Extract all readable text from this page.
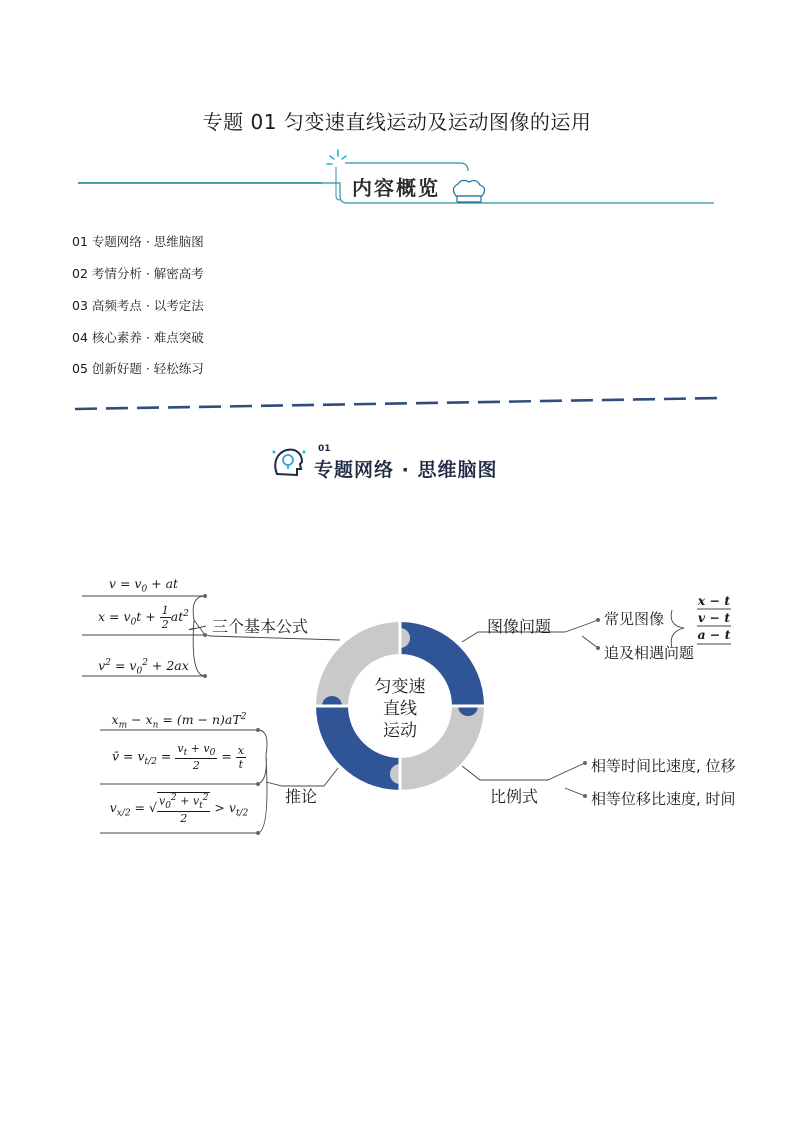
专题 01 匀变速直线运动及运动图像的运用
内容概览
01 专题网络 · 思维脑图
02 考情分析 · 解密高考
03 高频考点 · 以考定法
04 核心素养 · 难点突破
05 创新好题 · 轻松练习
01
专题网络 · 思维脑图
匀变速
直线
运动
三个基本公式	图像问题
推论	比例式
常见图像
追及相遇问题
x − t
v − t
a − t
相等时间比速度, 位移
相等位移比速度, 时间
$v = v_0$ + at
$x = v_0t + \frac{1}{2} at^2$
$v^2 = v_0^2 + 2ax$
$x_m - x_n = (m - n)aT^2$
v̄ = $v_{t/2} = \frac{v_t + v_0}{2} = \frac{x}{t}$
$v_{x/2}$ = √ $\frac{v_0^2 + v_t^2}{2} > v_{t/2}$
